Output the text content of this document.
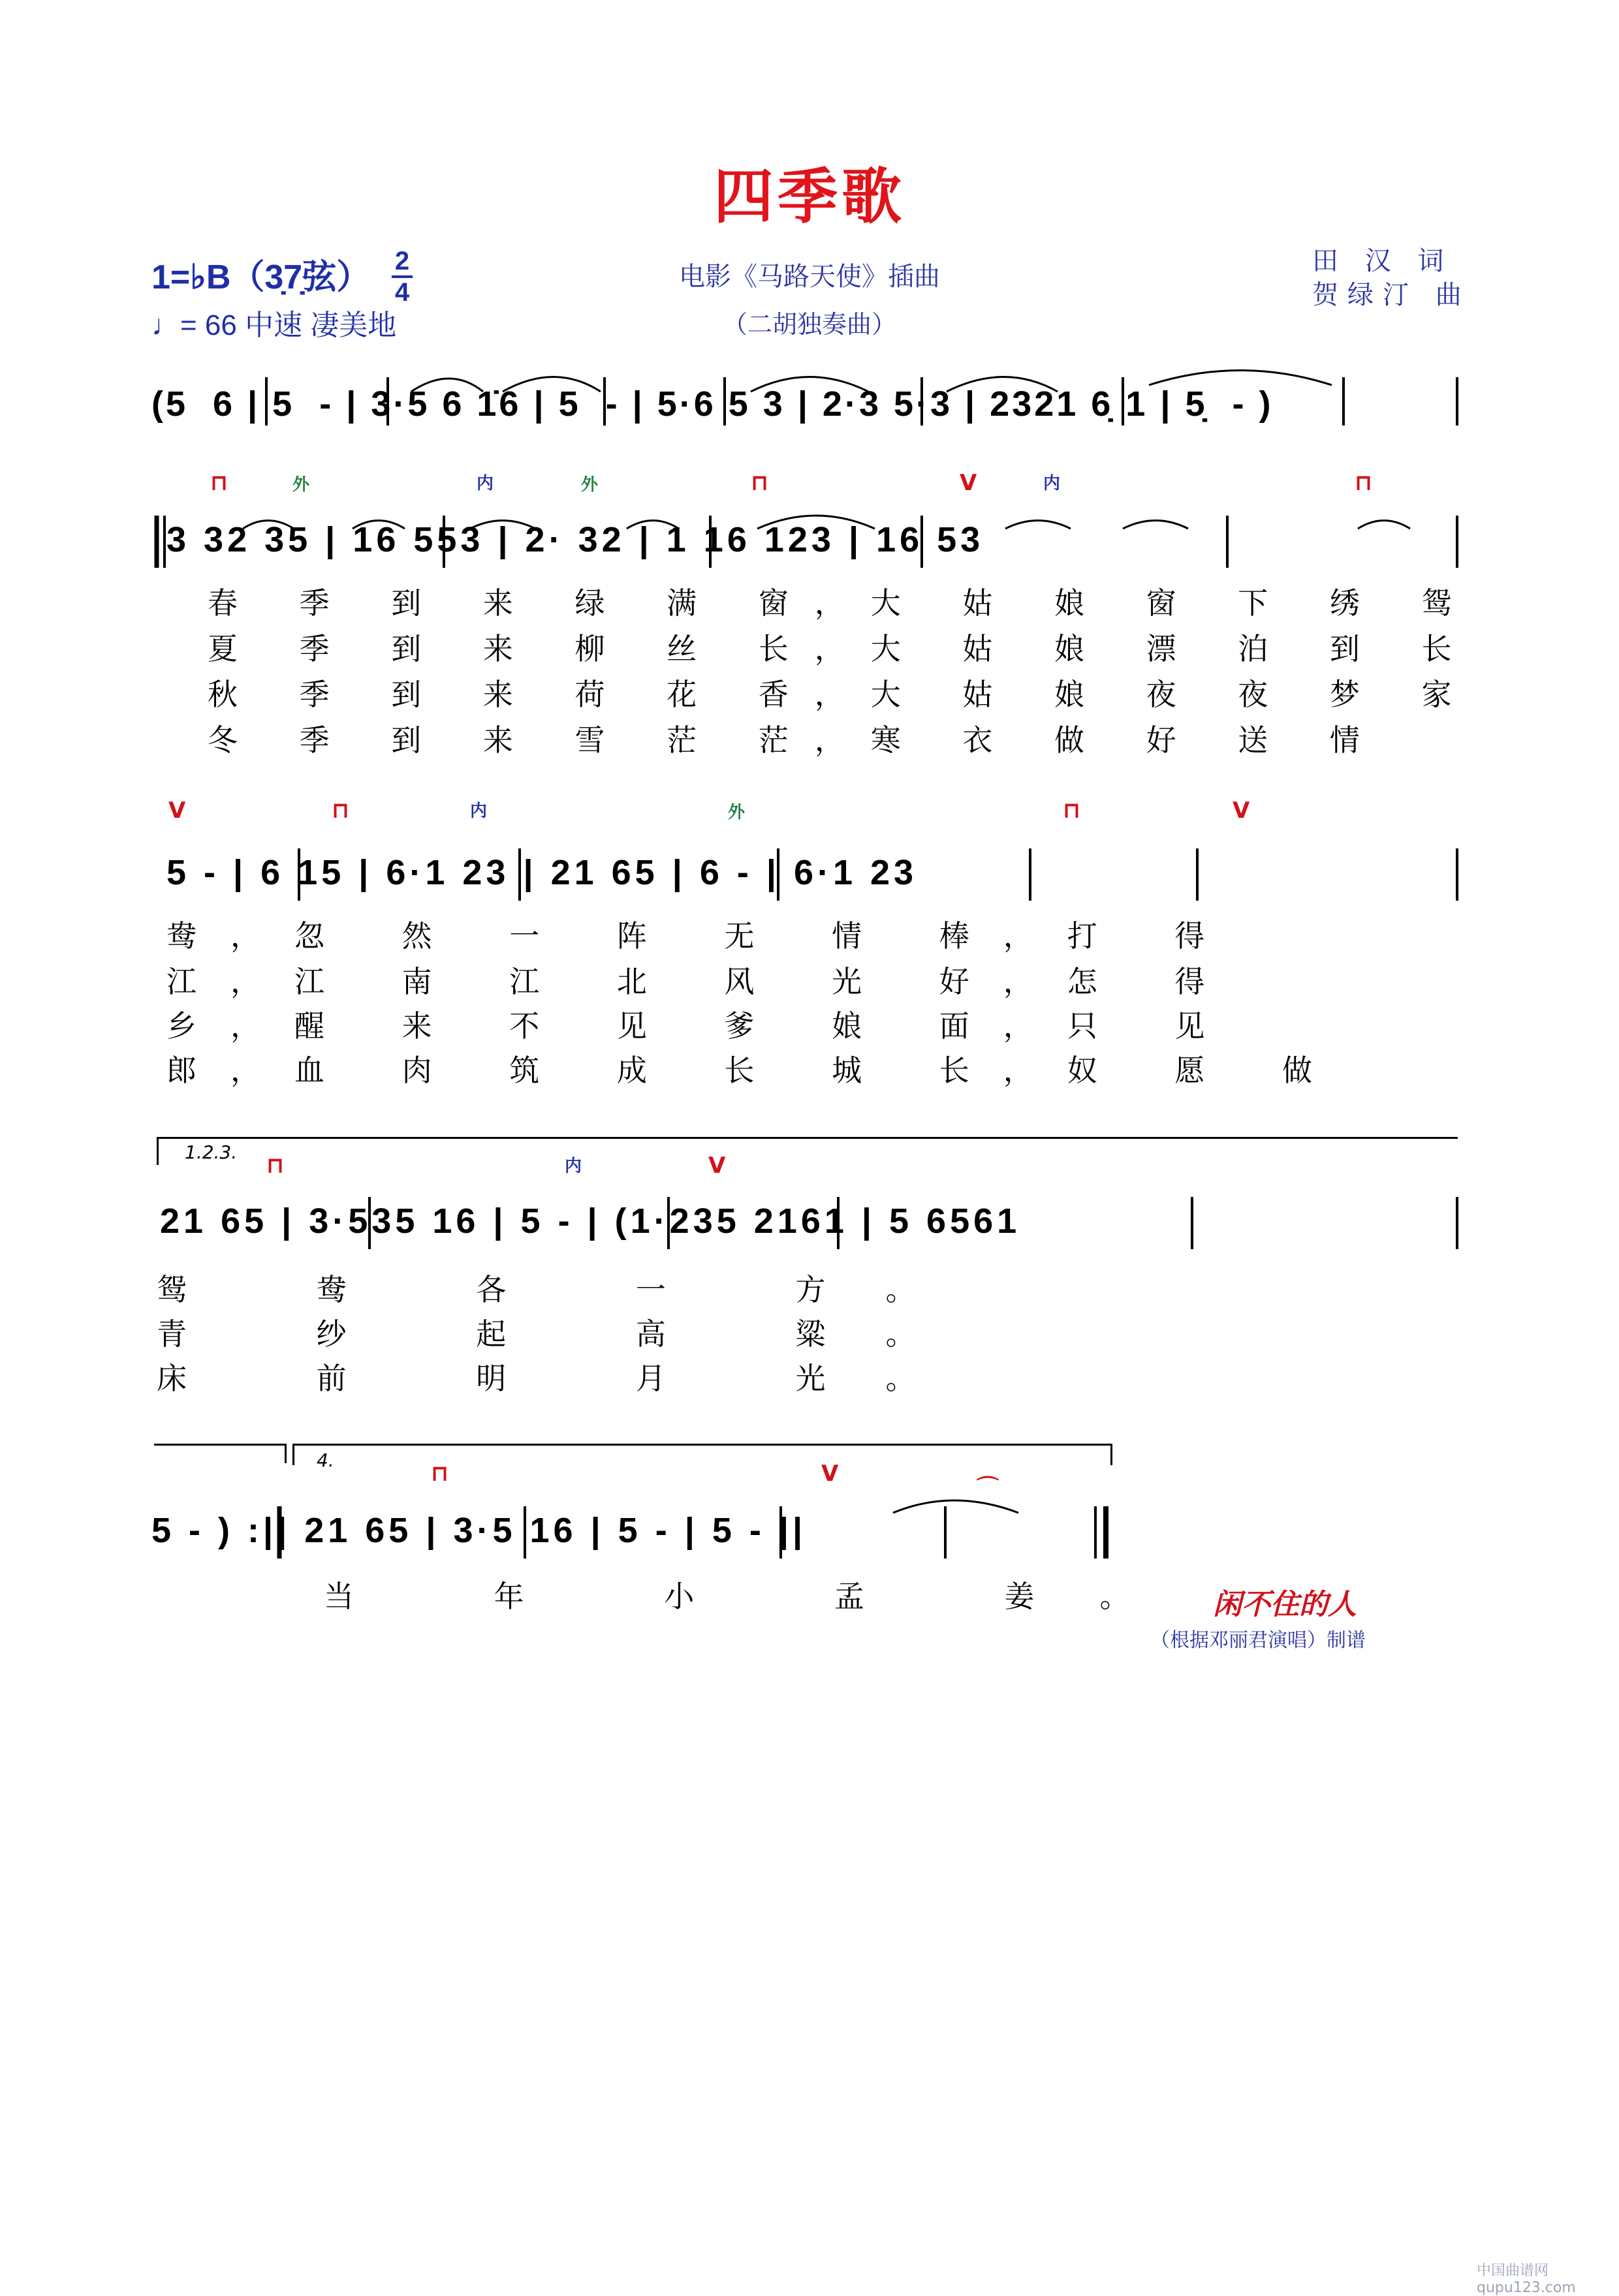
四季歌
1=♭B（3̣7̣弦） 2
4
♩= 66 中速 凄美地
电影《马路天使》插曲
（二胡独奏曲）
田 汉 词
贺绿汀 曲
(5  6 | 5  - | 3·5 6 1̇6 | 5  - | 5·6 5 3 | 2·3 5·3 | 2321 6̣ 1 | 5̣  - )
⊓	外	内	外	⊓	V	内	⊓
3 32 35 | 16 553 | 2· 32 | 1 16 123 | 16 53
春 季 到 来 绿 满 窗，大 姑 娘 窗 下 绣 鸳
夏 季 到 来 柳 丝 长，大 姑 娘 漂 泊 到 长
秋 季 到 来 荷 花 香，大 姑 娘 夜 夜 梦 家
冬 季 到 来 雪 茫 茫，寒 衣 做 好 送 情
V	⊓	内	外	⊓	V
5 - | 6 15 | 6·1 23 | 21 65 | 6 - | 6·1 23
鸯，忽 然 一 阵 无 情 棒，打 得
江，江 南 江 北 风 光 好，怎 得
乡，醒 来 不 见 爹 娘 面，只 见
郎，血 肉 筑 成 长 城 长，奴 愿 做
1.2.3.
⊓	内	V
21 65 | 3·535 16 | 5 - | (1·235 2161 | 5 6561
鸳 鸯 各 一 方。
青 纱 起 高 粱。
床 前 明 月 光。
4.
⊓	V
⌒
5 - ) :|| 21 65 | 3·5 16 | 5 - | 5 - ||
当 年 小 孟 姜。 闲不住的人
（根据邓丽君演唱）制谱
中国曲谱网 qupu123.com
